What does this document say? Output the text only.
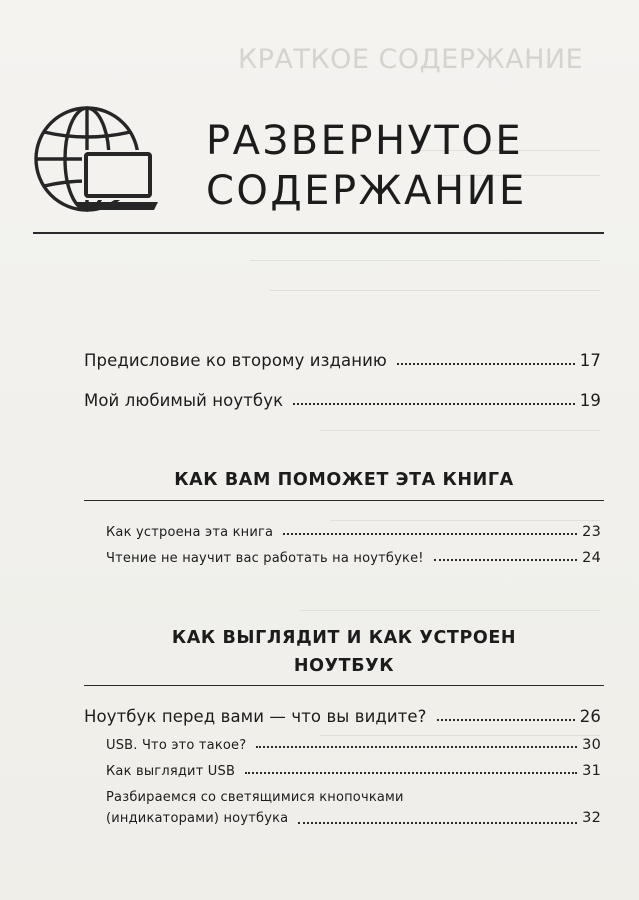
КРАТКОЕ СОДЕРЖАНИЕ
РАЗВЕРНУТОЕ
СОДЕРЖАНИЕ
Предисловие ко второму изданию	17
Мой любимый ноутбук	19
КАК ВАМ ПОМОЖЕТ ЭТА КНИГА
Как устроена эта книга	23
Чтение не научит вас работать на ноутбуке!	24
КАК ВЫГЛЯДИТ И КАК УСТРОЕН
НОУТБУК
Ноутбук перед вами — что вы видите?	26
USB. Что это такое?	30
Как выглядит USB	31
Разбираемся со светящимися кнопочками
(индикаторами) ноутбука	32
